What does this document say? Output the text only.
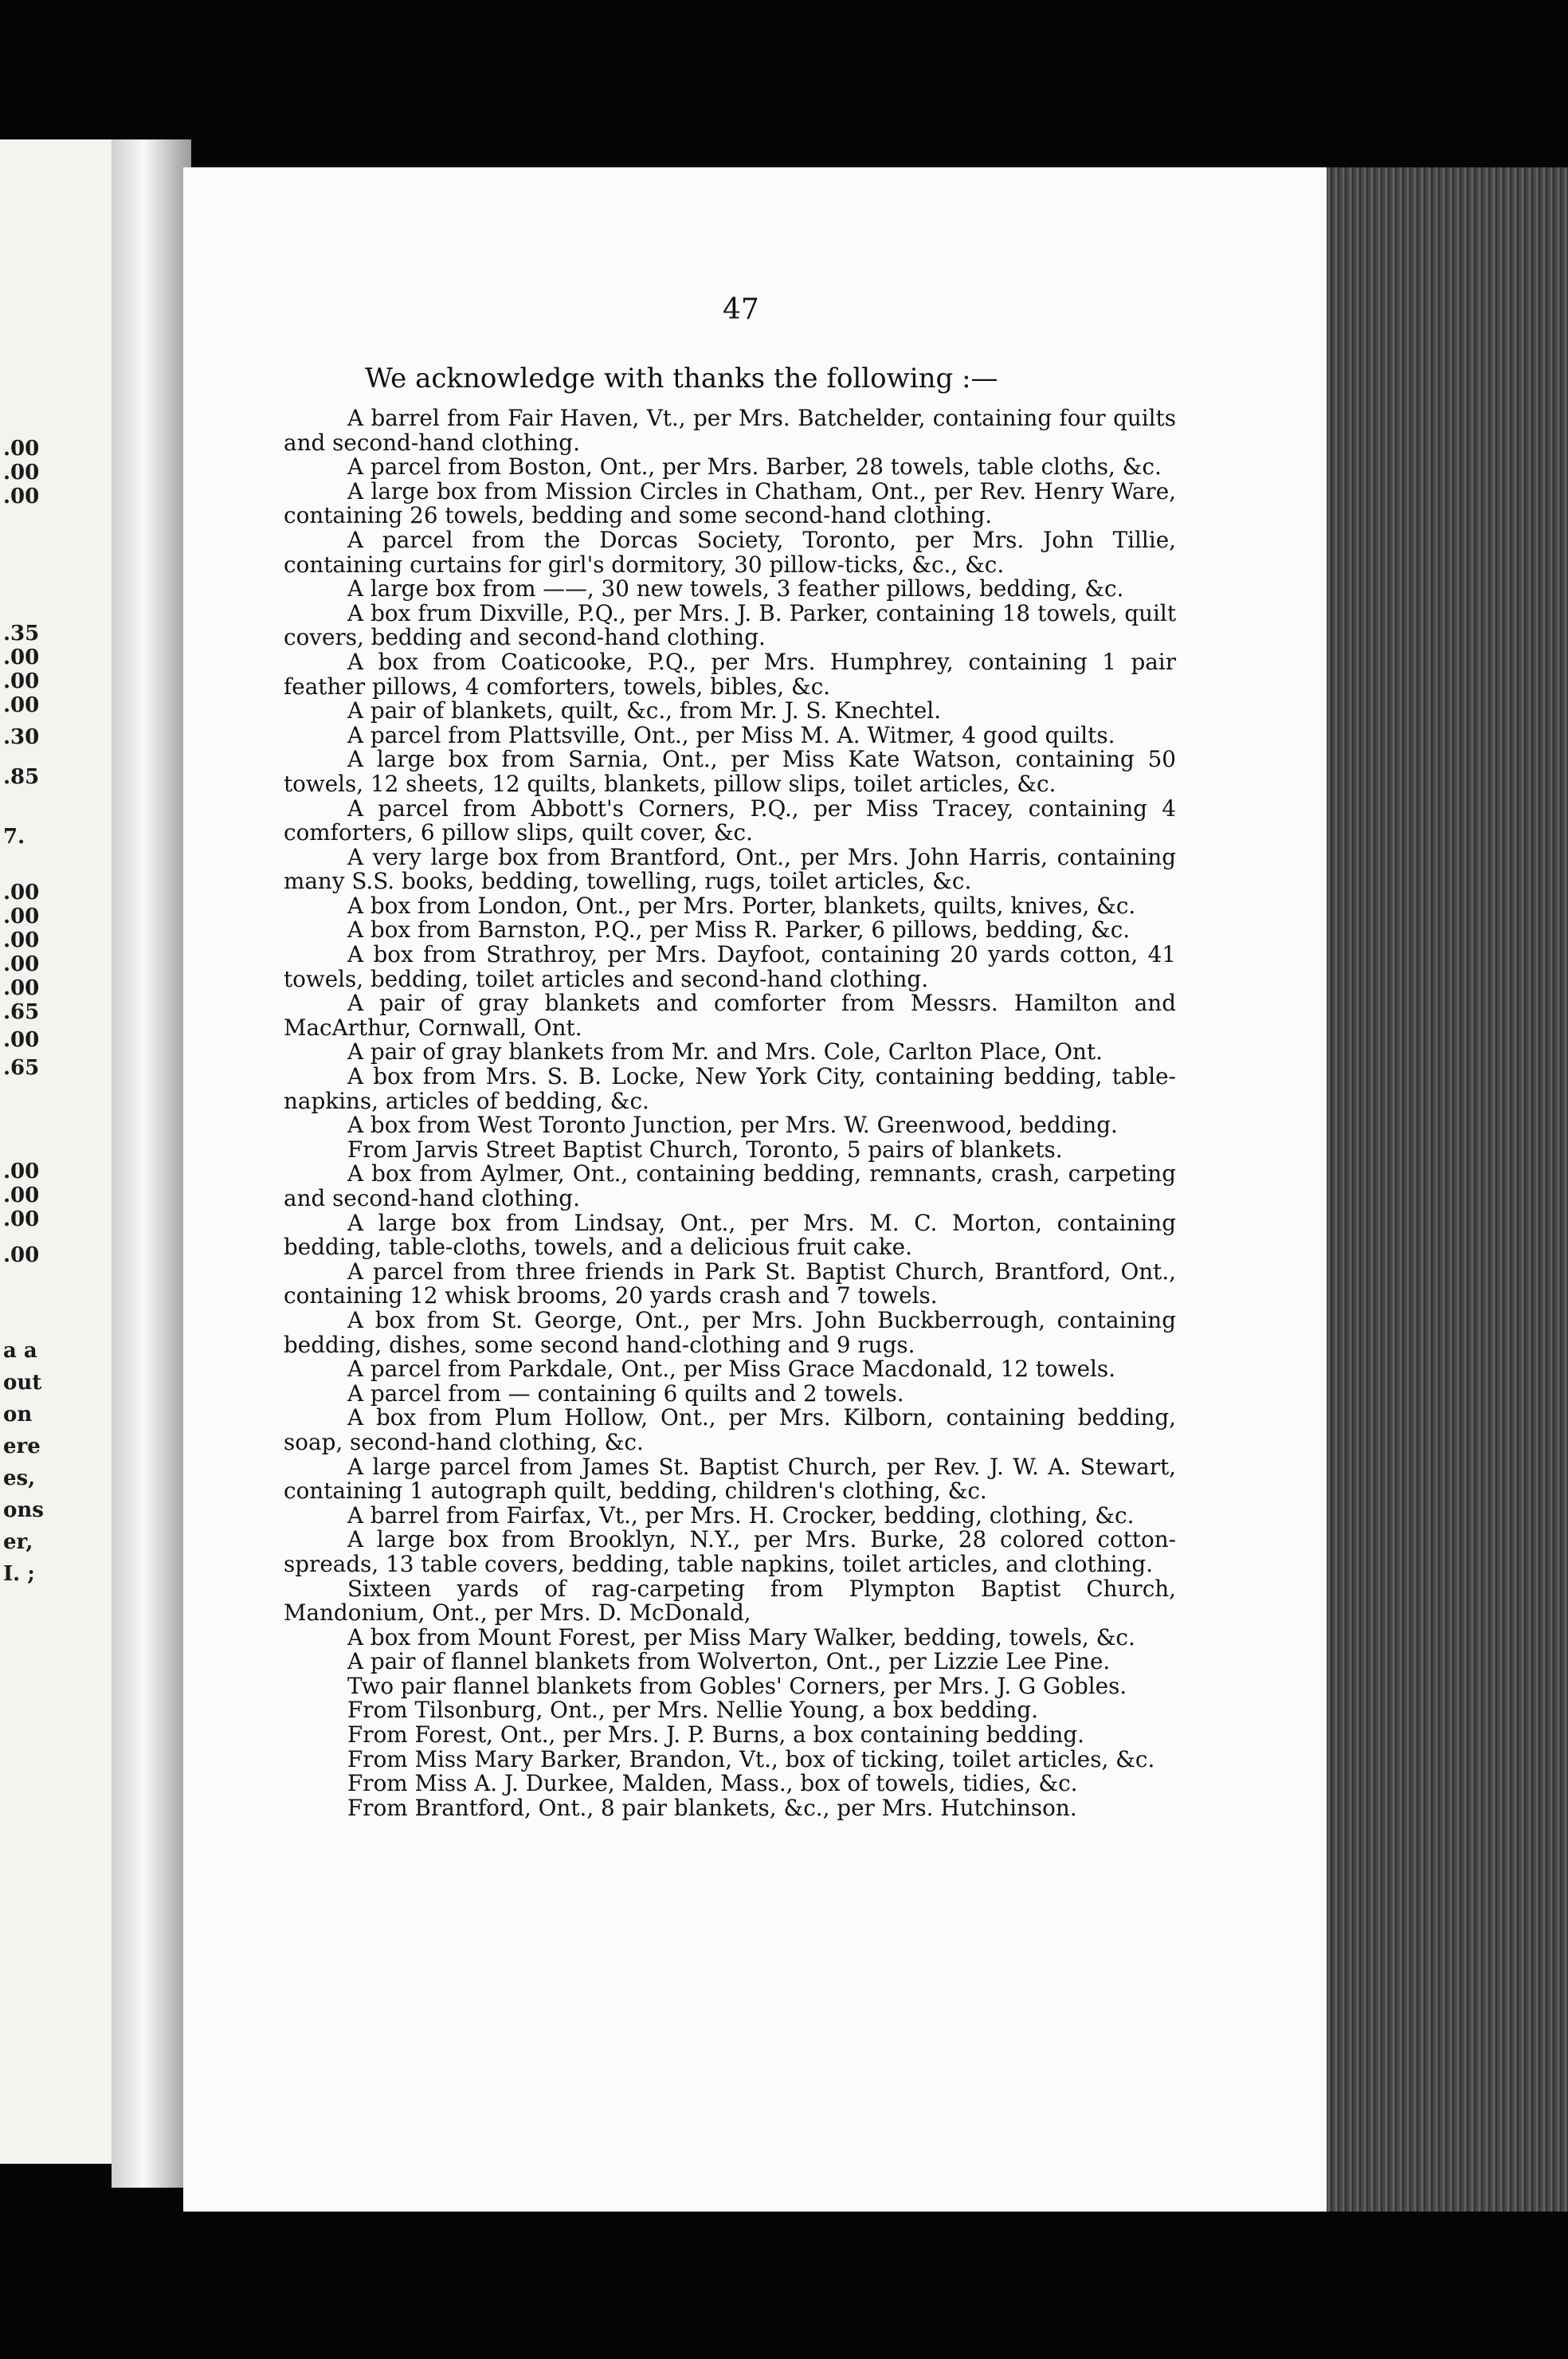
.00
.00
.00
.35
.00
.00
.00
.30
.85
7.
.00
.00
.00
.00
.00
.65
.00
.65
.00
.00
.00
.00
a a
out
on
ere
es,
ons
er,
I. ;
47
We acknowledge with thanks the following :—

A barrel from Fair Haven, Vt., per Mrs. Batchelder, containing four quilts and second-hand clothing.

A parcel from Boston, Ont., per Mrs. Barber, 28 towels, table cloths, &c.

A large box from Mission Circles in Chatham, Ont., per Rev. Henry Ware, containing 26 towels, bedding and some second-hand clothing.

A parcel from the Dorcas Society, Toronto, per Mrs. John Tillie, containing curtains for girl's dormitory, 30 pillow-ticks, &c., &c.

A large box from ——, 30 new towels, 3 feather pillows, bedding, &c.

A box frum Dixville, P.Q., per Mrs. J. B. Parker, containing 18 towels, quilt covers, bedding and second-hand clothing.

A box from Coaticooke, P.Q., per Mrs. Humphrey, containing 1 pair feather pillows, 4 comforters, towels, bibles, &c.

A pair of blankets, quilt, &c., from Mr. J. S. Knechtel.

A parcel from Plattsville, Ont., per Miss M. A. Witmer, 4 good quilts.

A large box from Sarnia, Ont., per Miss Kate Watson, containing 50 towels, 12 sheets, 12 quilts, blankets, pillow slips, toilet articles, &c.

A parcel from Abbott's Corners, P.Q., per Miss Tracey, containing 4 comforters, 6 pillow slips, quilt cover, &c.

A very large box from Brantford, Ont., per Mrs. John Harris, containing many S.S. books, bedding, towelling, rugs, toilet articles, &c.

A box from London, Ont., per Mrs. Porter, blankets, quilts, knives, &c.

A box from Barnston, P.Q., per Miss R. Parker, 6 pillows, bedding, &c.

A box from Strathroy, per Mrs. Dayfoot, containing 20 yards cotton, 41 towels, bedding, toilet articles and second-hand clothing.

A pair of gray blankets and comforter from Messrs. Hamilton and MacArthur, Cornwall, Ont.

A pair of gray blankets from Mr. and Mrs. Cole, Carlton Place, Ont.

A box from Mrs. S. B. Locke, New York City, containing bedding, table-napkins, articles of bedding, &c.

A box from West Toronto Junction, per Mrs. W. Greenwood, bedding.

From Jarvis Street Baptist Church, Toronto, 5 pairs of blankets.

A box from Aylmer, Ont., containing bedding, remnants, crash, carpeting and second-hand clothing.

A large box from Lindsay, Ont., per Mrs. M. C. Morton, containing bedding, table-cloths, towels, and a delicious fruit cake.

A parcel from three friends in Park St. Baptist Church, Brantford, Ont., containing 12 whisk brooms, 20 yards crash and 7 towels.

A box from St. George, Ont., per Mrs. John Buckberrough, containing bedding, dishes, some second hand-clothing and 9 rugs.

A parcel from Parkdale, Ont., per Miss Grace Macdonald, 12 towels.

A parcel from — containing 6 quilts and 2 towels.

A box from Plum Hollow, Ont., per Mrs. Kilborn, containing bedding, soap, second-hand clothing, &c.

A large parcel from James St. Baptist Church, per Rev. J. W. A. Stewart, containing 1 autograph quilt, bedding, children's clothing, &c.

A barrel from Fairfax, Vt., per Mrs. H. Crocker, bedding, clothing, &c.

A large box from Brooklyn, N.Y., per Mrs. Burke, 28 colored cotton-spreads, 13 table covers, bedding, table napkins, toilet articles, and clothing.

Sixteen yards of rag-carpeting from Plympton Baptist Church, Mandonium, Ont., per Mrs. D. McDonald,

A box from Mount Forest, per Miss Mary Walker, bedding, towels, &c.

A pair of flannel blankets from Wolverton, Ont., per Lizzie Lee Pine.

Two pair flannel blankets from Gobles' Corners, per Mrs. J. G Gobles.

From Tilsonburg, Ont., per Mrs. Nellie Young, a box bedding.

From Forest, Ont., per Mrs. J. P. Burns, a box containing bedding.

From Miss Mary Barker, Brandon, Vt., box of ticking, toilet articles, &c.

From Miss A. J. Durkee, Malden, Mass., box of towels, tidies, &c.

From Brantford, Ont., 8 pair blankets, &c., per Mrs. Hutchinson.
